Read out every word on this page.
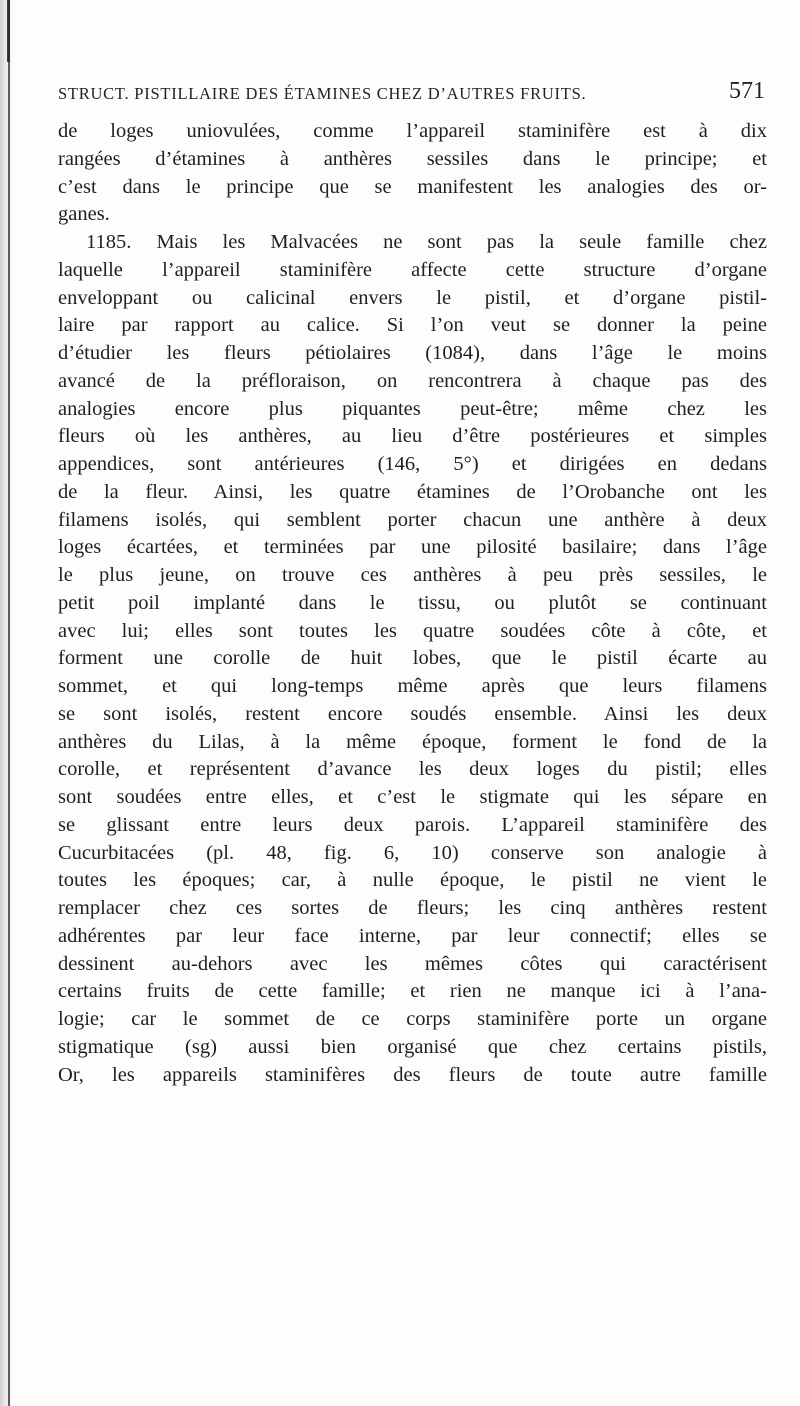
STRUCT. PISTILLAIRE DES ÉTAMINES CHEZ D’AUTRES FRUITS.	571
de loges uniovulées, comme l’appareil staminifère est à dix
rangées d’étamines à anthères sessiles dans le principe; et
c’est dans le principe que se manifestent les analogies des or-
ganes.
1185. Mais les Malvacées ne sont pas la seule famille chez
laquelle l’appareil staminifère affecte cette structure d’organe
enveloppant ou calicinal envers le pistil, et d’organe pistil-
laire par rapport au calice. Si l’on veut se donner la peine
d’étudier les fleurs pétiolaires (1084), dans l’âge le moins
avancé de la préfloraison, on rencontrera à chaque pas des
analogies encore plus piquantes peut-être; même chez les
fleurs où les anthères, au lieu d’être postérieures et simples
appendices, sont antérieures (146, 5°) et dirigées en dedans
de la fleur. Ainsi, les quatre étamines de l’Orobanche ont les
filamens isolés, qui semblent porter chacun une anthère à deux
loges écartées, et terminées par une pilosité basilaire; dans l’âge
le plus jeune, on trouve ces anthères à peu près sessiles, le
petit poil implanté dans le tissu, ou plutôt se continuant
avec lui; elles sont toutes les quatre soudées côte à côte, et
forment une corolle de huit lobes, que le pistil écarte au
sommet, et qui long-temps même après que leurs filamens
se sont isolés, restent encore soudés ensemble. Ainsi les deux
anthères du Lilas, à la même époque, forment le fond de la
corolle, et représentent d’avance les deux loges du pistil; elles
sont soudées entre elles, et c’est le stigmate qui les sépare en
se glissant entre leurs deux parois. L’appareil staminifère des
Cucurbitacées (pl. 48, fig. 6, 10) conserve son analogie à
toutes les époques; car, à nulle époque, le pistil ne vient le
remplacer chez ces sortes de fleurs; les cinq anthères restent
adhérentes par leur face interne, par leur connectif; elles se
dessinent au-dehors avec les mêmes côtes qui caractérisent
certains fruits de cette famille; et rien ne manque ici à l’ana-
logie; car le sommet de ce corps staminifère porte un organe
stigmatique (sg) aussi bien organisé que chez certains pistils,
Or, les appareils staminifères des fleurs de toute autre famille
